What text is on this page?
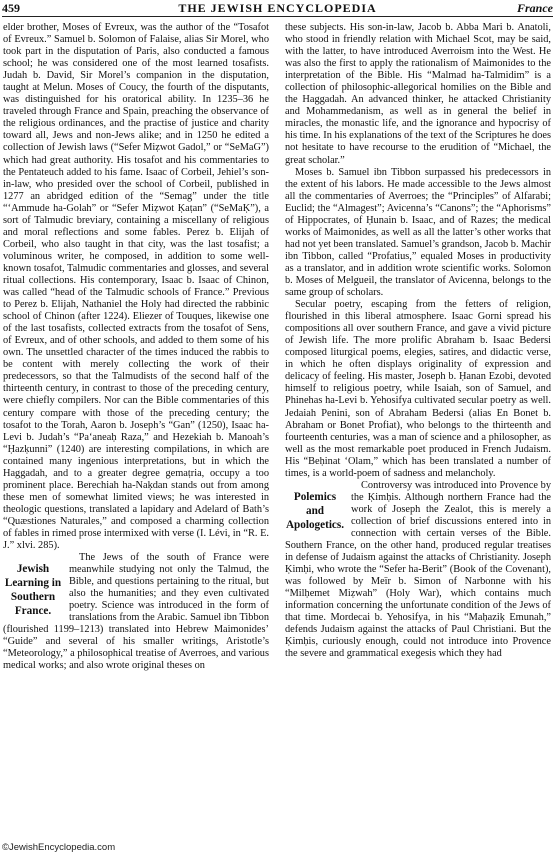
459	THE JEWISH ENCYCLOPEDIA	France

elder brother, Moses of Evreux, was the author of the “Tosafot of Evreux.” Samuel b. Solomon of Falaise, alias Sir Morel, who took part in the disputation of Paris, also conducted a famous school; he was considered one of the most learned tosafists. Judah b. David, Sir Morel’s companion in the disputation, taught at Melun. Moses of Coucy, the fourth of the disputants, was distinguished for his oratorical ability. In 1235–36 he traveled through France and Spain, preaching the observance of the religious ordinances, and the practise of justice and charity toward all, Jews and non-Jews alike; and in 1250 he edited a collection of Jewish laws (“Sefer Miẓwot Gadol,” or “SeMaG”) which had great authority. His tosafot and his commentaries to the Pentateuch added to his fame. Isaac of Corbeil, Jehiel’s son-in-law, who presided over the school of Corbeil, published in 1277 an abridged edition of the “Semag” under the title “‘Ammude ha-Golah” or “Sefer Miẓwot Ḳaṭan” (“SeMaḲ”), a sort of Talmudic breviary, containing a miscellany of religious and moral reflections and some fables. Perez b. Elijah of Corbeil, who also taught in that city, was the last tosafist; a voluminous writer, he composed, in addition to some well-known tosafot, Talmudic commentaries and glosses, and several ritual collections. His contemporary, Isaac b. Isaac of Chinon, was called “head of the Talmudic schools of France.” Previous to Perez b. Elijah, Nathaniel the Holy had directed the rabbinic school of Chinon (after 1224). Eliezer of Touques, likewise one of the last tosafists, collected extracts from the tosafot of Sens, of Evreux, and of other schools, and added to them some of his own. The unsettled character of the times induced the rabbis to be content with merely collecting the work of their predecessors, so that the Talmudists of the second half of the thirteenth century, in contrast to those of the preceding century, were chiefly compilers. Nor can the Bible commentaries of this century compare with those of the preceding century; the tosafot to the Torah, Aaron b. Joseph’s “Gan” (1250), Isaac ha-Levi b. Judah’s “Pa‘aneaḥ Raza,” and Hezekiah b. Manoah’s “Ḥazḳunni” (1240) are interesting compilations, in which are contained many ingenious interpretations, but in which the Haggadah, and to a greater degree gemaṭria, occupy a too prominent place. Berechiah ha-Naḳdan stands out from among these men of somewhat limited views; he was interested in theologic questions, translated a lapidary and Adelard of Bath’s “Quæstiones Naturales,” and composed a charming collection of fables in rimed prose intermixed with verse (I. Lévi, in “R. E. J.” xlvi. 285).

Jewish Learning in Southern France.

The Jews of the south of France were meanwhile studying not only the Talmud, the Bible, and questions pertaining to the ritual, but also the humanities; and they even cultivated poetry. Science was introduced in the form of translations from the Arabic. Samuel ibn Tibbon (flourished 1199–1213) translated into Hebrew Maimonides’ “Guide” and several of his smaller writings, Aristotle’s “Meteorology,” a philosophical treatise of Averroes, and various medical works; and also wrote original theses on

these subjects. His son-in-law, Jacob b. Abba Mari b. Anatoli, who stood in friendly relation with Michael Scot, may be said, with the latter, to have introduced Averroism into the West. He was also the first to apply the rationalism of Maimonides to the interpretation of the Bible. His “Malmad ha-Talmidim” is a collection of philosophic-allegorical homilies on the Bible and the Haggadah. An advanced thinker, he attacked Christianity and Mohammedanism, as well as in general the belief in miracles, the monastic life, and the ignorance and hypocrisy of his time. In his explanations of the text of the Scriptures he does not hesitate to have recourse to the erudition of “Michael, the great scholar.”

Moses b. Samuel ibn Tibbon surpassed his predecessors in the extent of his labors. He made accessible to the Jews almost all the commentaries of Averroes; the “Principles” of Alfarabi; Euclid; the “Almagest”; Avicenna’s “Canons”; the “Aphorisms” of Hippocrates, of Ḥunain b. Isaac, and of Razes; the medical works of Maimonides, as well as all the latter’s other works that had not yet been translated. Samuel’s grandson, Jacob b. Machir ibn Tibbon, called “Profatius,” equaled Moses in productivity as a translator, and in addition wrote scientific works. Solomon b. Moses of Melgueil, the translator of Avicenna, belongs to the same group of scholars.

Secular poetry, escaping from the fetters of religion, flourished in this liberal atmosphere. Isaac Gorni spread his compositions all over southern France, and gave a vivid picture of Jewish life. The more prolific Abraham b. Isaac Bedersi composed liturgical poems, elegies, satires, and didactic verse, in which he often displays originality of expression and delicacy of feeling. His master, Joseph b. Ḥanan Ezobi, devoted himself to religious poetry, while Isaiah, son of Samuel, and Phinehas ha-Levi b. Yehosifya cultivated secular poetry as well. Jedaiah Penini, son of Abraham Bedersi (alias En Bonet b. Abraham or Bonet Profiat), who belongs to the thirteenth and fourteenth centuries, was a man of science and a philosopher, as well as the most remarkable poet produced in French Judaism. His “Beḥinat ‘Olam,” which has been translated a number of times, is a world-poem of sadness and melancholy.

Polemics and Apologetics.

Controversy was introduced into Provence by the Ḳimḥis. Although northern France had the work of Joseph the Zealot, this is merely a collection of brief discussions entered into in connection with certain verses of the Bible. Southern France, on the other hand, produced regular treatises in defense of Judaism against the attacks of Christianity. Joseph Ḳimḥi, who wrote the “Sefer ha-Berit” (Book of the Covenant), was followed by Meïr b. Simon of Narbonne with his “Milḥemet Miẓwah” (Holy War), which contains much information concerning the unfortunate condition of the Jews of that time. Mordecai b. Yehosifya, in his “Maḥaziḳ Emunah,” defends Judaism against the attacks of Paul Christiani. But the Ḳimḥis, curiously enough, could not introduce into Provence the severe and grammatical exegesis which they had

©JewishEncyclopedia.com
